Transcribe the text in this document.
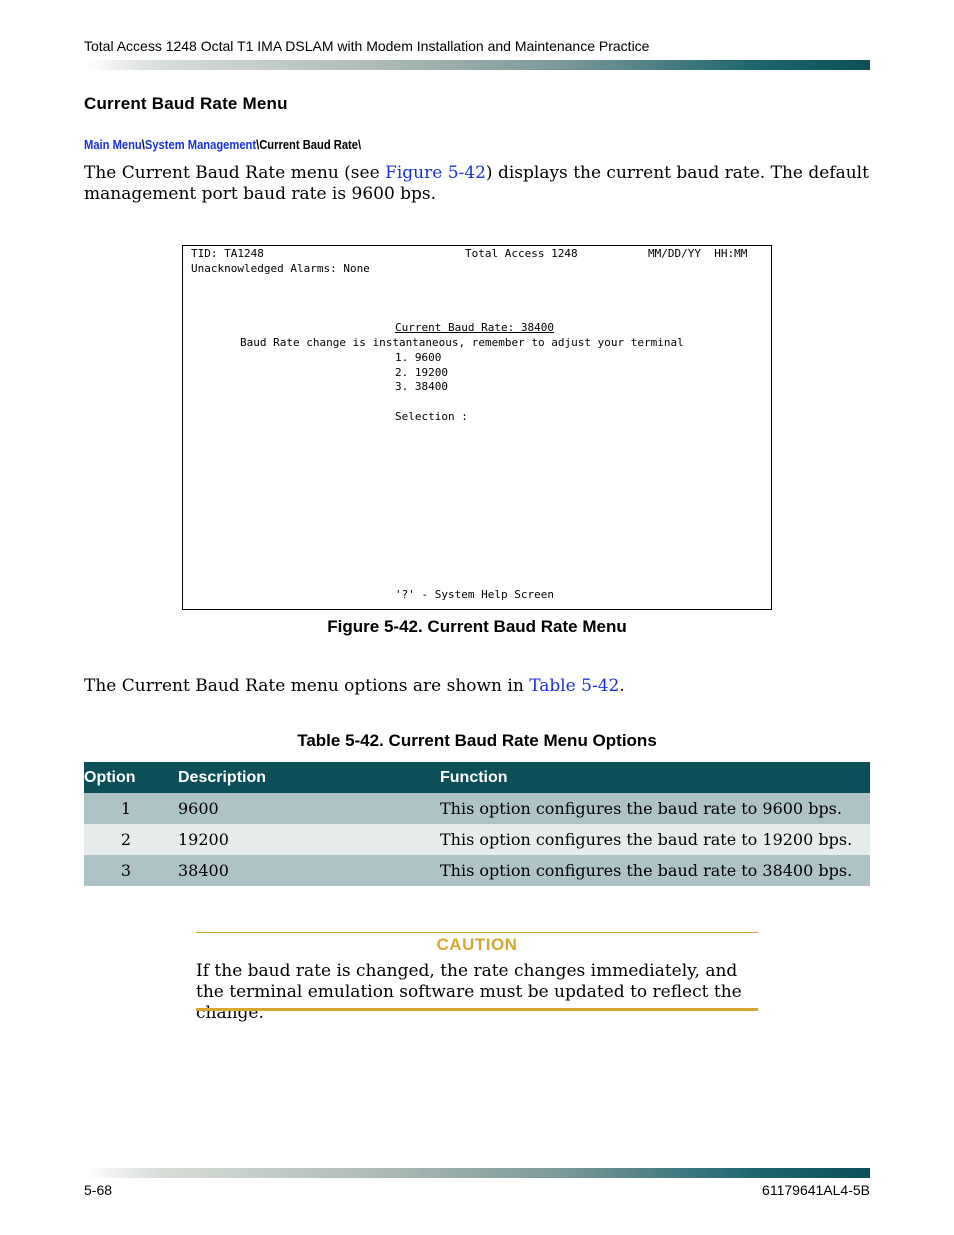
Total Access 1248 Octal T1 IMA DSLAM with Modem Installation and Maintenance Practice
Current Baud Rate Menu
Main Menu\System Management\Current Baud Rate\
The Current Baud Rate menu (see Figure 5-42) displays the current baud rate. The default management port baud rate is 9600 bps.
TID: TA1248	Total Access 1248	MM/DD/YY  HH:MM
Unacknowledged Alarms: None
Current Baud Rate: 38400
Baud Rate change is instantaneous, remember to adjust your terminal
1. 9600
2. 19200
3. 38400
Selection :
'?' - System Help Screen
Figure 5-42. Current Baud Rate Menu
The Current Baud Rate menu options are shown in Table 5-42.
Table 5-42. Current Baud Rate Menu Options
Option	Description	Function
1	9600	This option configures the baud rate to 9600 bps.
2	19200	This option configures the baud rate to 19200 bps.
3	38400	This option configures the baud rate to 38400 bps.
CAUTION
If the baud rate is changed, the rate changes immediately, and the terminal emulation software must be updated to reflect the change.
5-68	61179641AL4-5B
